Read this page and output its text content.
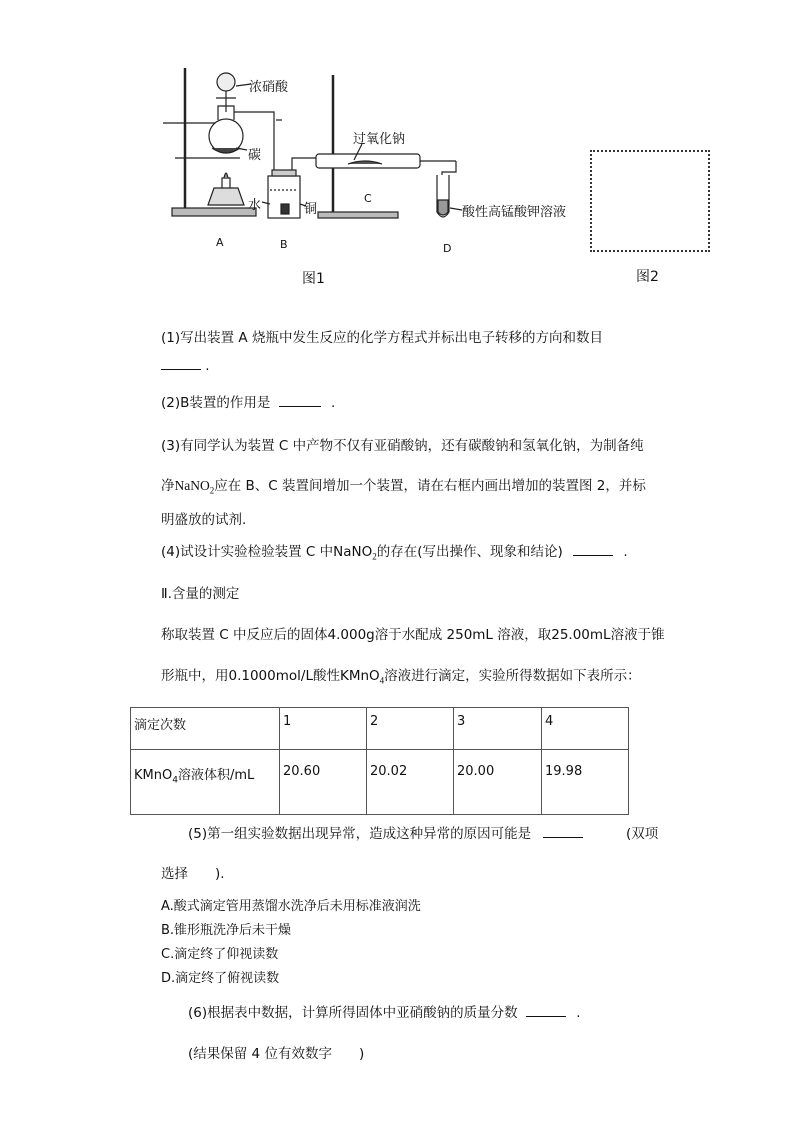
浓硝酸
碳
水	铜
过氧化钠
酸性高锰酸钾溶液
A	B
C
D
图1	图2
(1)写出装置 A 烧瓶中发生反应的化学方程式并标出电子转移的方向和数目
.
(2)B装置的作用是	.
(3)有同学认为装置 C 中产物不仅有亚硝酸钠，还有碳酸钠和氢氧化钠，为制备纯
净NaNO$_2$应在 B、C 装置间增加一个装置，请在右框内画出增加的装置图 2，并标
明盛放的试剂.
(4)试设计实验检验装置 C 中NaNO$_2$的存在(写出操作、现象和结论)	.
Ⅱ.含量的测定
称取装置 C 中反应后的固体4.000g溶于水配成 250mL 溶液，取25.00mL溶液于锥
形瓶中，用0.1000mol/L酸性KMnO$_4$溶液进行滴定，实验所得数据如下表所示：
滴定次数	1	2	3	4
KMnO$_4$溶液体积/mL	20.60	20.02	20.00	19.98
(5)第一组实验数据出现异常，造成这种异常的原因可能是	(双项
选择　　).
A.酸式滴定管用蒸馏水洗净后未用标准液润洗
B.锥形瓶洗净后未干燥
C.滴定终了仰视读数
D.滴定终了俯视读数
(6)根据表中数据，计算所得固体中亚硝酸钠的质量分数	.
(结果保留 4 位有效数字　　)
